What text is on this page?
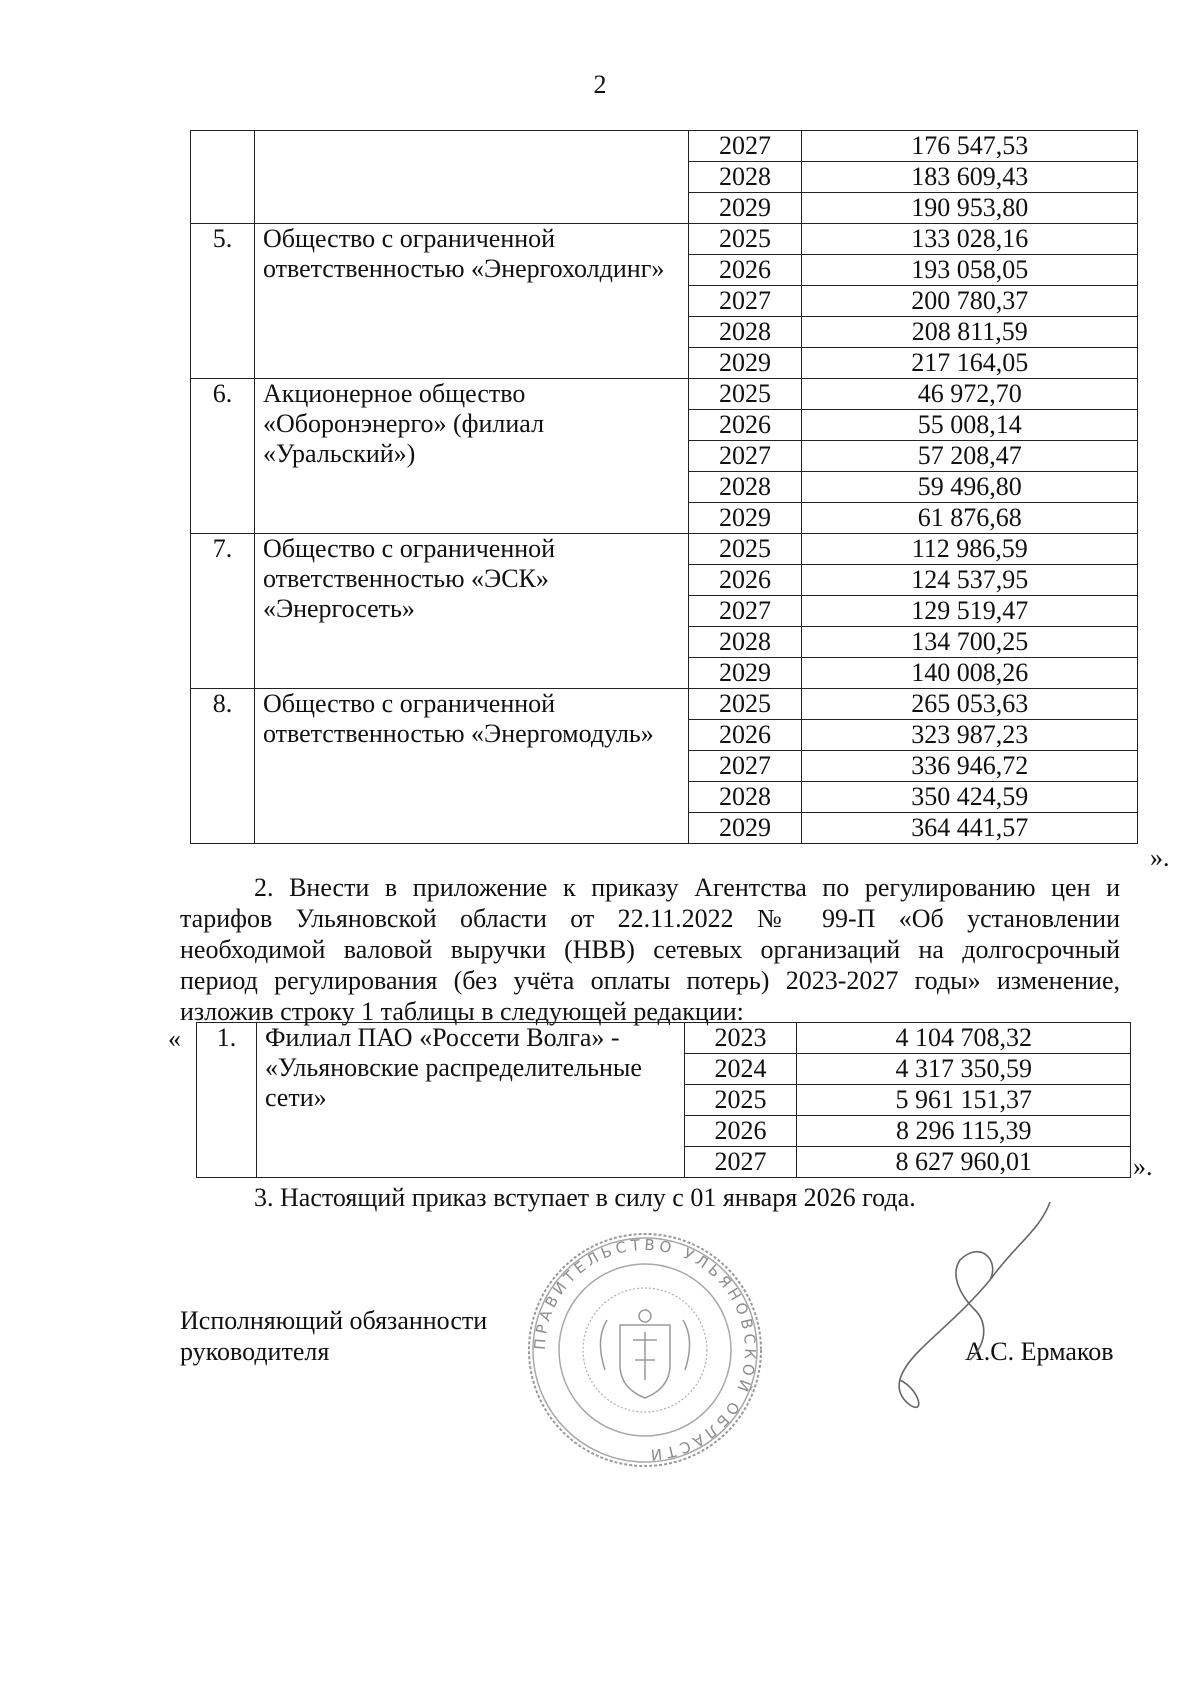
2
		2027	176 547,53
		2028	183 609,43
		2029	190 953,80
5.	Общество с ограниченной ответственностью «Энергохолдинг»	2025	133 028,16
		2026	193 058,05
		2027	200 780,37
		2028	208 811,59
		2029	217 164,05
6.	Акционерное общество «Оборонэнерго» (филиал «Уральский»)	2025	46 972,70
		2026	55 008,14
		2027	57 208,47
		2028	59 496,80
		2029	61 876,68
7.	Общество с ограниченной ответственностью «ЭСК» «Энергосеть»	2025	112 986,59
		2026	124 537,95
		2027	129 519,47
		2028	134 700,25
		2029	140 008,26
8.	Общество с ограниченной ответственностью «Энергомодуль»	2025	265 053,63
		2026	323 987,23
		2027	336 946,72
		2028	350 424,59
		2029	364 441,57
».
2. Внести в приложение к приказу Агентства по регулированию цен и тарифов Ульяновской области от 22.11.2022 № 99-П «Об установлении необходимой валовой выручки (НВВ) сетевых организаций на долгосрочный период регулирования (без учёта оплаты потерь) 2023-2027 годы» изменение, изложив строку 1 таблицы в следующей редакции:
« 1.	Филиал ПАО «Россети Волга» - «Ульяновские распределительные сети»	2023	4 104 708,32
		2024	4 317 350,59
		2025	5 961 151,37
		2026	8 296 115,39
		2027	8 627 960,01	».
3. Настоящий приказ вступает в силу с 01 января 2026 года.
Исполняющий обязанности руководителя	А.С. Ермаков
ПРАВИТЕЛЬСТВО УЛЬЯНОВСКОЙ ОБЛАСТИ
